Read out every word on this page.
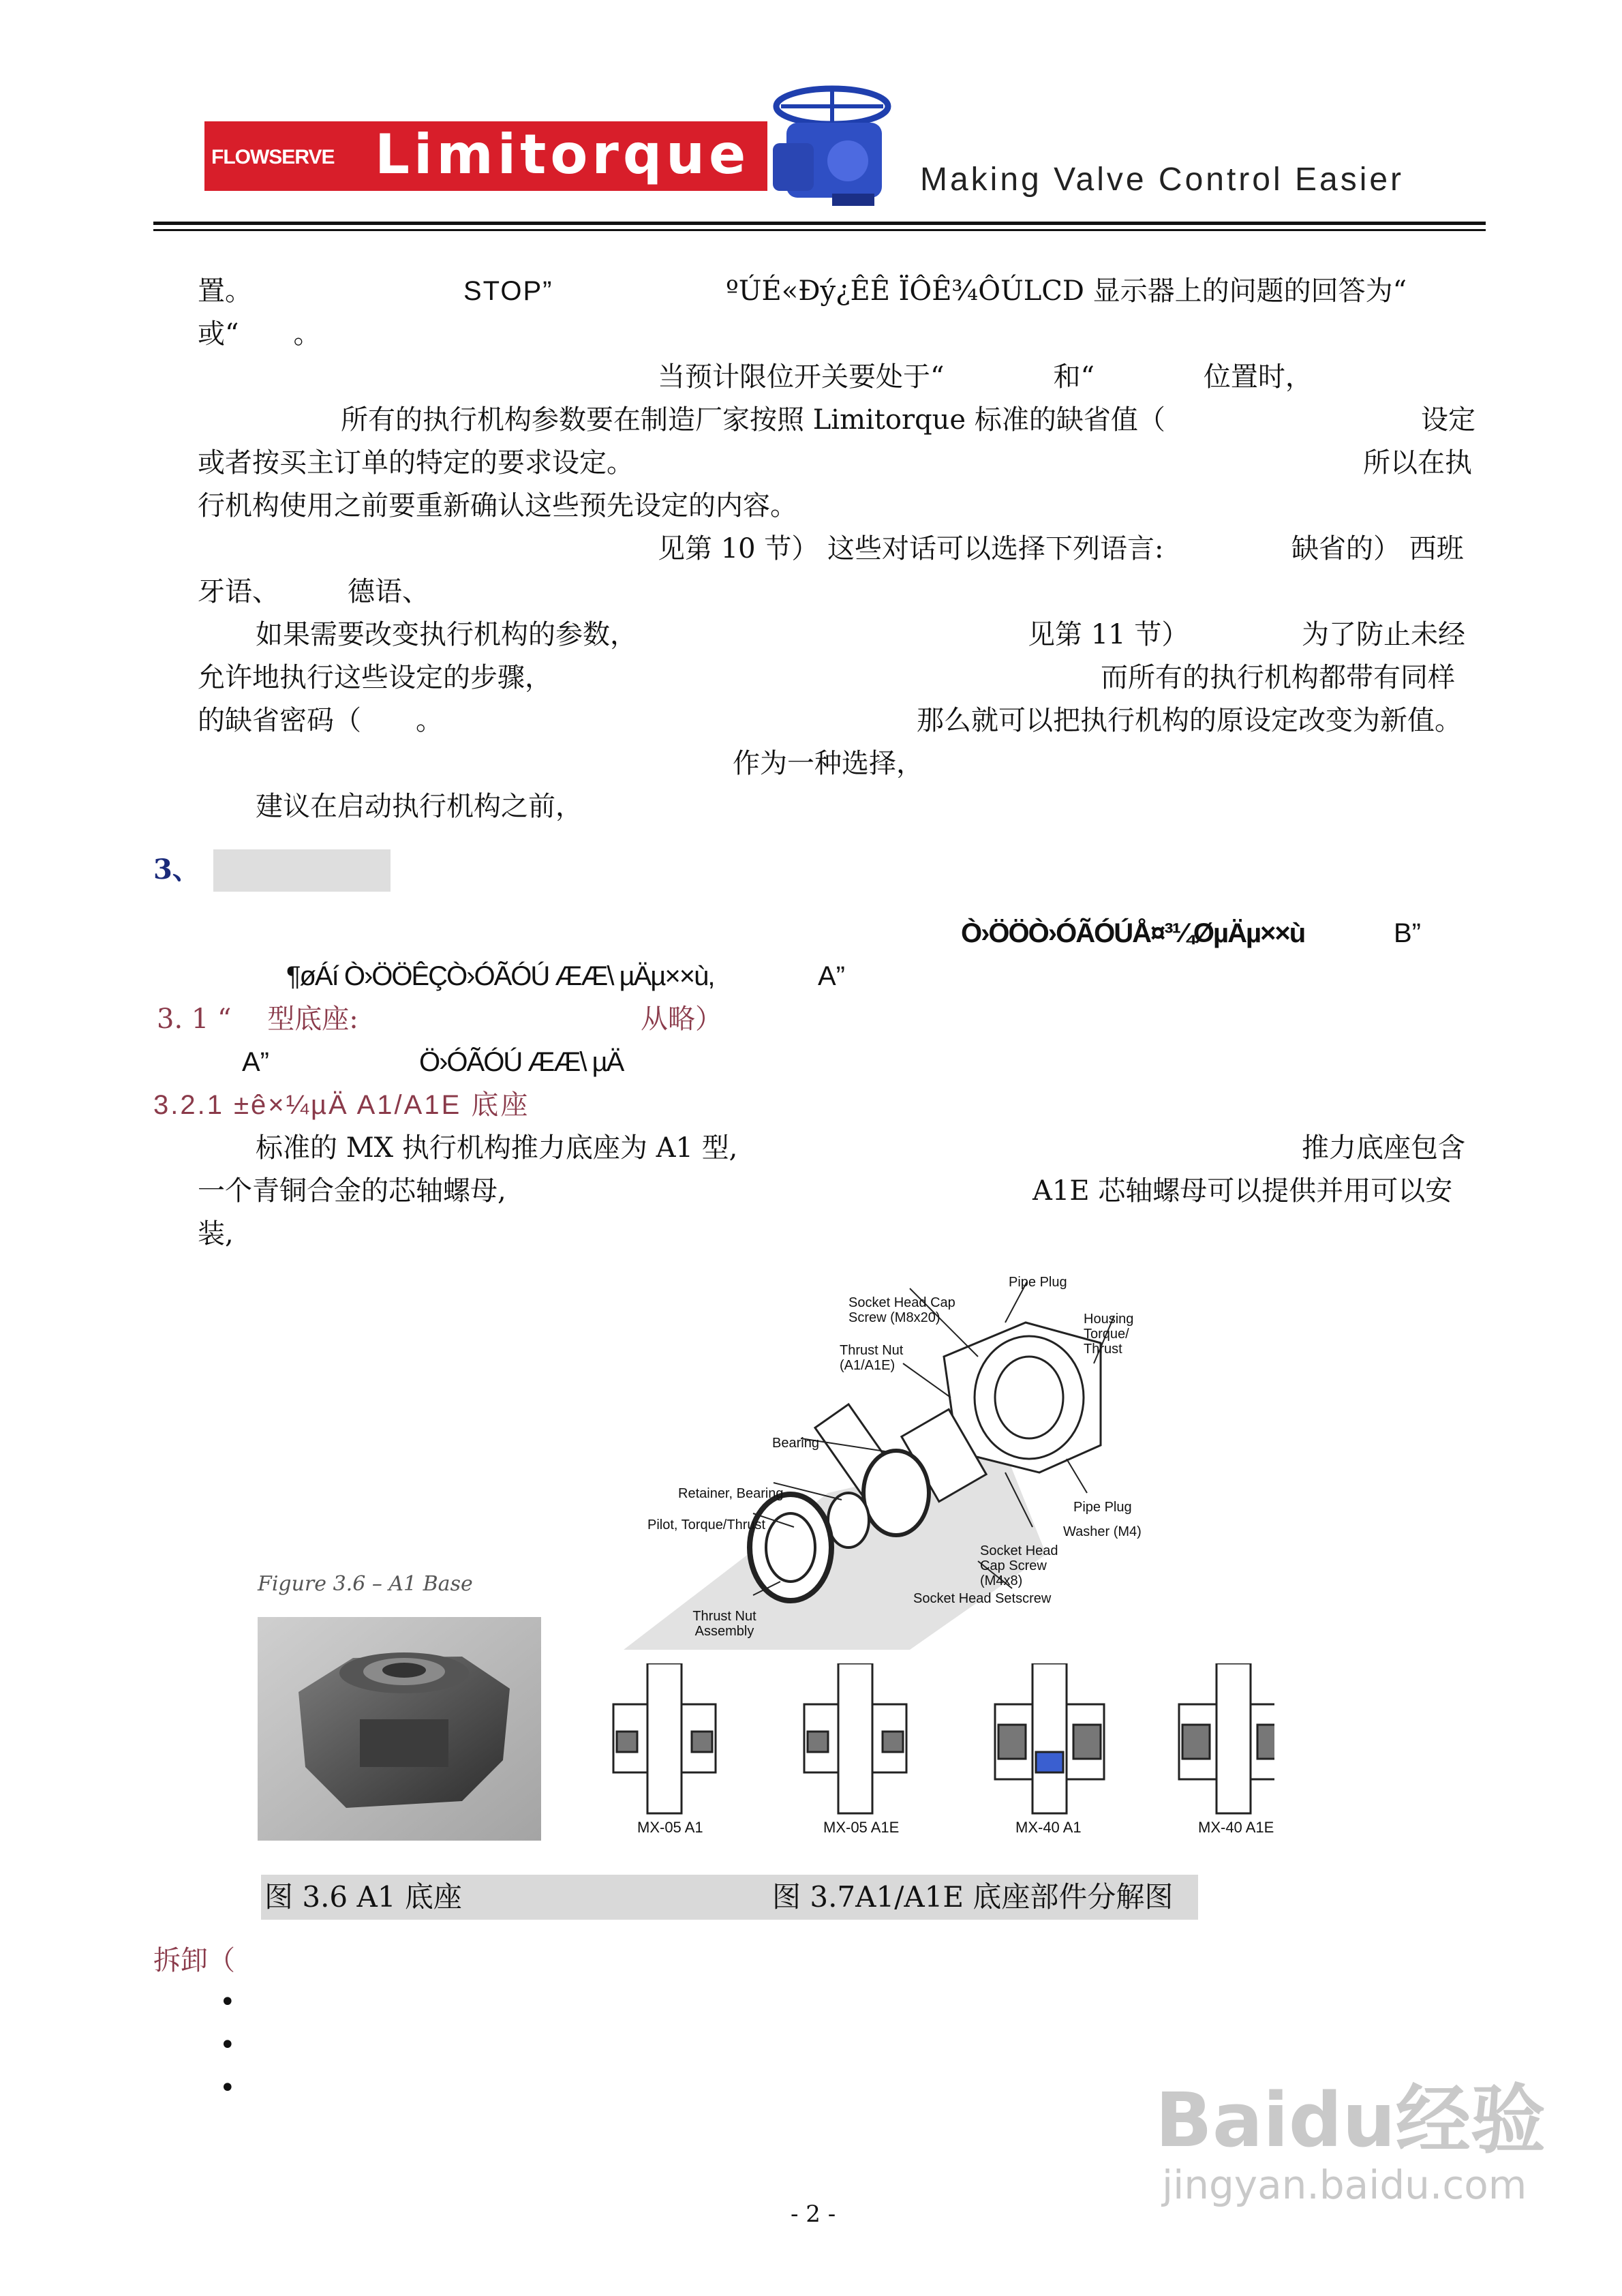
FLOWSERVE Limitorque	Making Valve Control Easier
置。	STOP”	ºÚÉ«Ðý¿ÊÊ ÏÔÊ¾ÔÚLCD 显示器上的问题的回答为“
或“　　。
当预计限位开关要处于“　　　　和“　　　　位置时，
所有的执行机构参数要在制造厂家按照 Limitorque 标准的缺省值（	设定
或者按买主订单的特定的要求设定。	所以在执
行机构使用之前要重新确认这些预先设定的内容。
见第 10 节） 这些对话可以选择下列语言:	缺省的） 西班
牙语、　　　德语、
如果需要改变执行机构的参数，	见第 11 节）	为了防止未经
允许地执行这些设定的步骤，	而所有的执行机构都带有同样
的缺省密码（　　。	那么就可以把执行机构的原设定改变为新值。
作为一种选择，
建议在启动执行机构之前，
3、
Ò›ÖÖÒ›ÓÃÓÚÅ¤³¼ØµÄµ××ù	B”
¶øÁí Ò›ÖÖÊÇÒ›ÓÃÓÚ ÆÆ\ µÄµ××ù,	A”
3. 1 “　 型底座:	从略）
A”	Ö›ÓÃÓÚ ÆÆ\ µÄ
3.2.1 ±ê×¼µÄ A1/A1E 底座
标准的 MX 执行机构推力底座为 A1 型,	推力底座包含
一个青铜合金的芯轴螺母,	A1E 芯轴螺母可以提供并用可以安
装,
Figure 3.6 – A1 Base
Pipe Plug
Socket Head Cap Screw (M8x20)
Thrust Nut (A1/A1E)
Housing Torque/ Thrust
Bearing
Retainer, Bearing
Pilot, Torque/Thrust
Pipe Plug
Washer (M4)
Socket Head Cap Screw (M4x8)
Socket Head Setscrew
Thrust Nut Assembly
MX-05 A1	MX-05 A1E	MX-40 A1	MX-40 A1E
图 3.6 A1 底座	图 3.7A1/A1E 底座部件分解图
拆卸（
•
•
•
- 2 -
Baidu经验
jingyan.baidu.com
